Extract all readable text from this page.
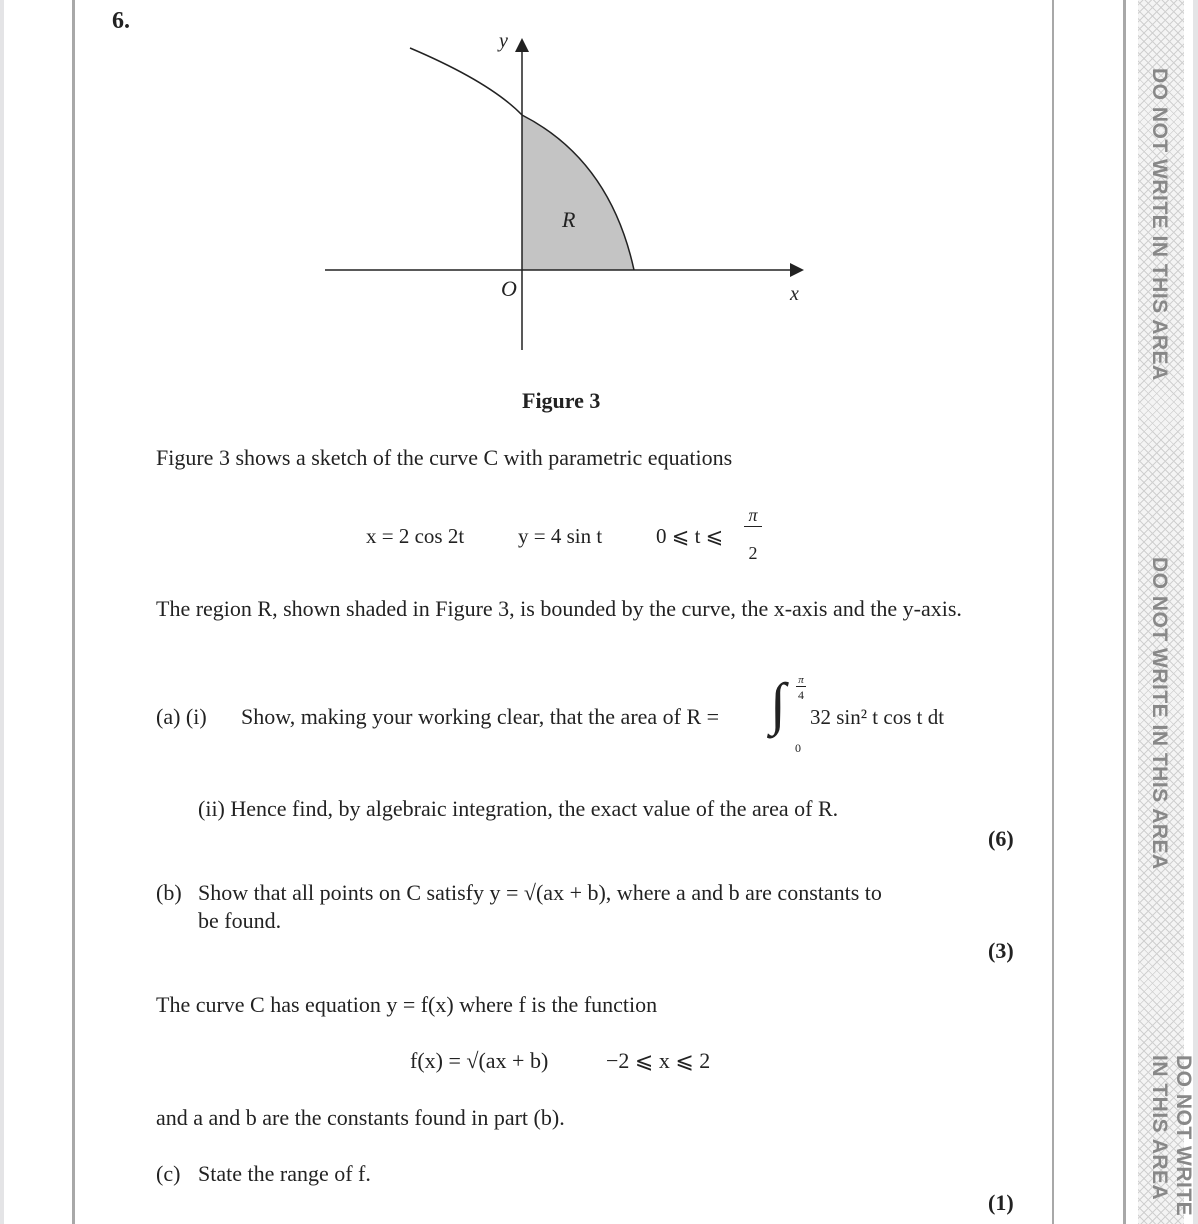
DO NOT WRITE IN THIS AREA
DO NOT WRITE IN THIS AREA
DO NOT WRITE IN THIS AREA
6.
y
x
O
R
Figure 3
Figure 3 shows a sketch of the curve C with parametric equations
x = 2 cos 2t	y = 4 sin t	0 ⩽ t ⩽
π
2
The region R, shown shaded in Figure 3, is bounded by the curve, the x-axis and the y-axis.
(a) (i) Show, making your working clear, that the area of R = ∫ π
4
0
32 sin² t cos t dt
(ii) Hence find, by algebraic integration, the exact value of the area of R.
(6)
(b) Show that all points on C satisfy y = √(ax + b), where a and b are constants to
be found.
(3)
The curve C has equation y = f(x) where f is the function
f(x) = √(ax + b)	−2 ⩽ x ⩽ 2
and a and b are the constants found in part (b).
(c) State the range of f.
(1)
